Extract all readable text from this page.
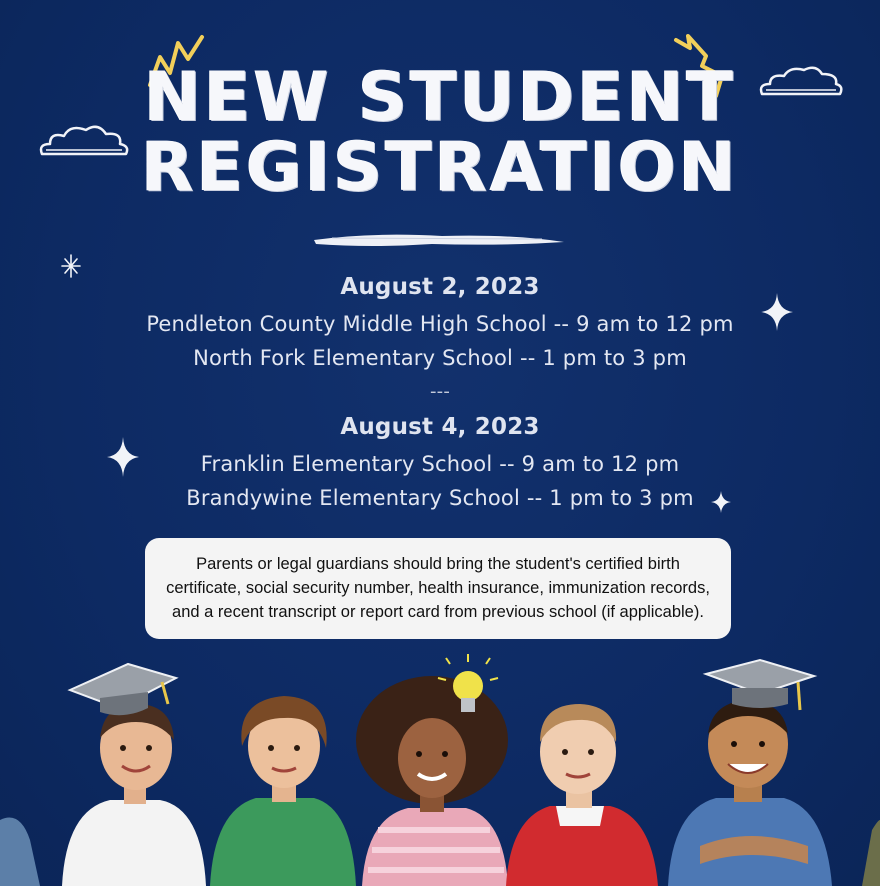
NEW STUDENT
REGISTRATION
August 2, 2023
Pendleton County Middle High School -- 9 am to 12 pm
North Fork Elementary School -- 1 pm to 3 pm
---
August 4, 2023
Franklin Elementary School -- 9 am to 12 pm
Brandywine Elementary School -- 1 pm to 3 pm
Parents or legal guardians should bring the student's certified birth
certificate, social security number, health insurance, immunization records,
and a recent transcript or report card from previous school (if applicable).
